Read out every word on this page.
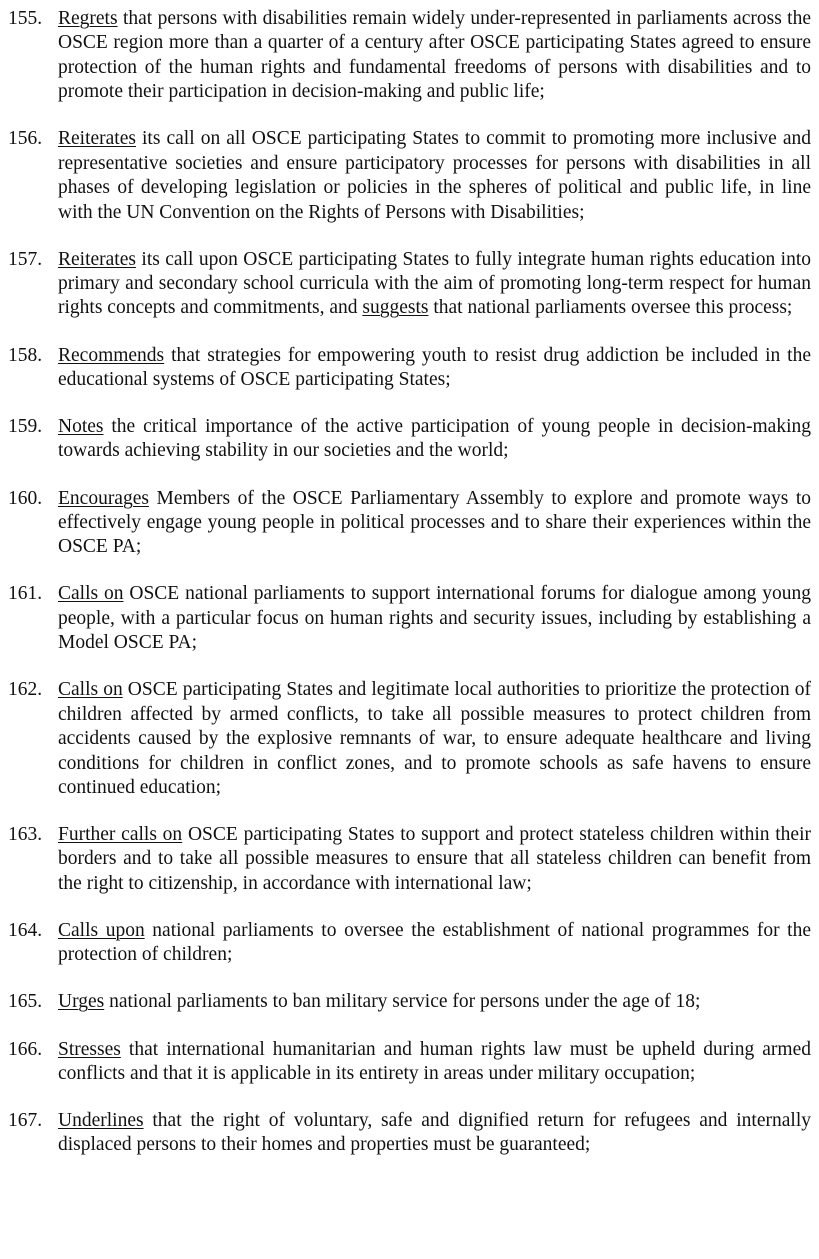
155. Regrets that persons with disabilities remain widely under-represented in parliaments across the OSCE region more than a quarter of a century after OSCE participating States agreed to ensure protection of the human rights and fundamental freedoms of persons with disabilities and to promote their participation in decision-making and public life;
156. Reiterates its call on all OSCE participating States to commit to promoting more inclusive and representative societies and ensure participatory processes for persons with disabilities in all phases of developing legislation or policies in the spheres of political and public life, in line with the UN Convention on the Rights of Persons with Disabilities;
157. Reiterates its call upon OSCE participating States to fully integrate human rights education into primary and secondary school curricula with the aim of promoting long-term respect for human rights concepts and commitments, and suggests that national parliaments oversee this process;
158. Recommends that strategies for empowering youth to resist drug addiction be included in the educational systems of OSCE participating States;
159. Notes the critical importance of the active participation of young people in decision-making towards achieving stability in our societies and the world;
160. Encourages Members of the OSCE Parliamentary Assembly to explore and promote ways to effectively engage young people in political processes and to share their experiences within the OSCE PA;
161. Calls on OSCE national parliaments to support international forums for dialogue among young people, with a particular focus on human rights and security issues, including by establishing a Model OSCE PA;
162. Calls on OSCE participating States and legitimate local authorities to prioritize the protection of children affected by armed conflicts, to take all possible measures to protect children from accidents caused by the explosive remnants of war, to ensure adequate healthcare and living conditions for children in conflict zones, and to promote schools as safe havens to ensure continued education;
163. Further calls on OSCE participating States to support and protect stateless children within their borders and to take all possible measures to ensure that all stateless children can benefit from the right to citizenship, in accordance with international law;
164. Calls upon national parliaments to oversee the establishment of national programmes for the protection of children;
165. Urges national parliaments to ban military service for persons under the age of 18;
166. Stresses that international humanitarian and human rights law must be upheld during armed conflicts and that it is applicable in its entirety in areas under military occupation;
167. Underlines that the right of voluntary, safe and dignified return for refugees and internally displaced persons to their homes and properties must be guaranteed;
